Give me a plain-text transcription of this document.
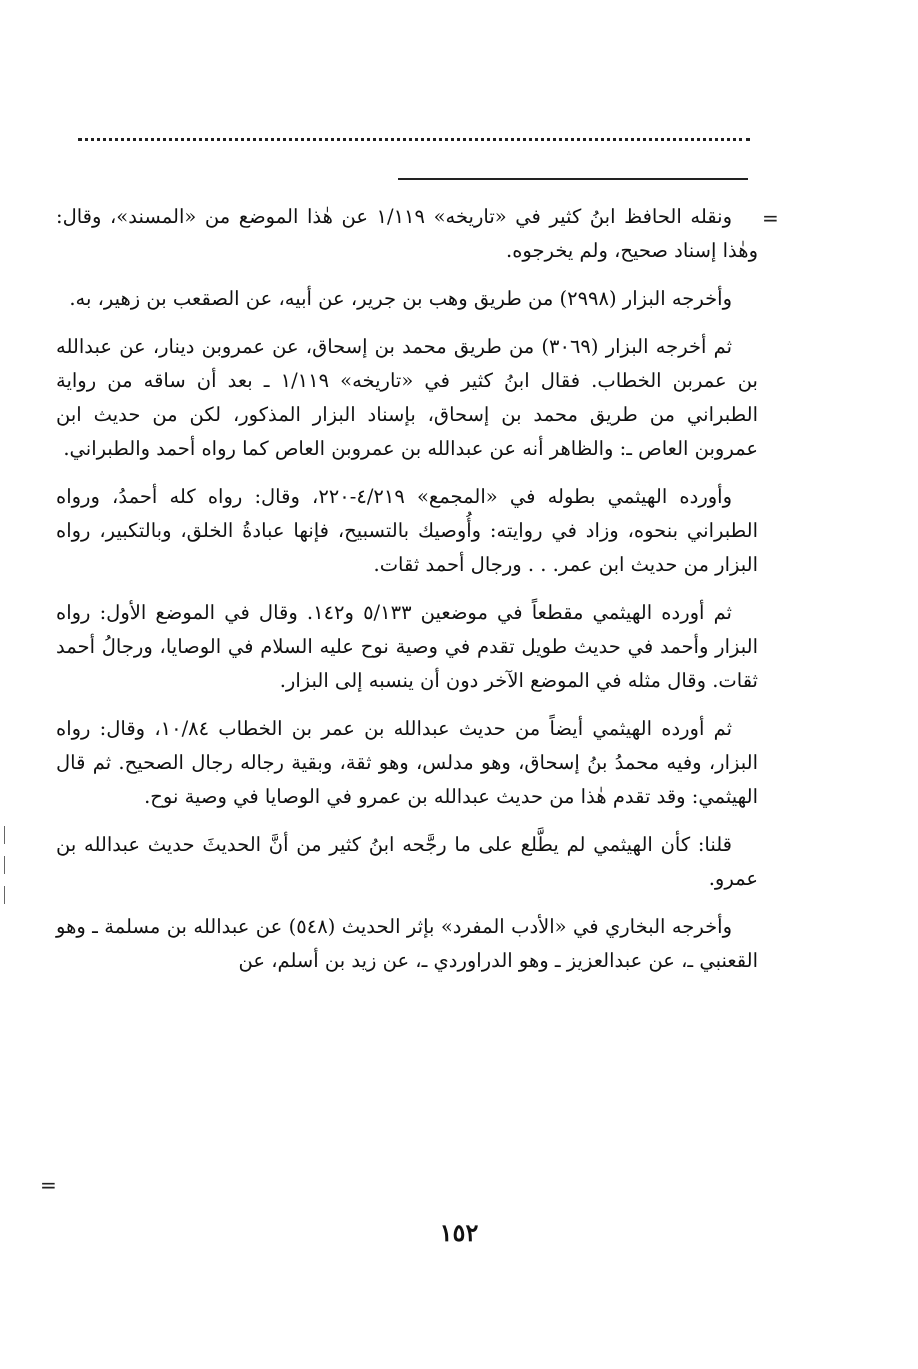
=
=

ونقله الحافظ ابنُ كثير في «تاريخه» ١/١١٩ عن هٰذا الموضع من «المسند»، وقال: وهٰذا إسناد صحيح، ولم يخرجوه.

وأخرجه البزار (٢٩٩٨) من طريق وهب بن جرير، عن أبيه، عن الصقعب بن زهير، به.

ثم أخرجه البزار (٣٠٦٩) من طريق محمد بن إسحاق، عن عمروبن دينار، عن عبدالله بن عمربن الخطاب. فقال ابنُ كثير في «تاريخه» ١/١١٩ ـ بعد أن ساقه من رواية الطبراني من طريق محمد بن إسحاق، بإسناد البزار المذكور، لكن من حديث ابن عمروبن العاص ـ: والظاهر أنه عن عبدالله بن عمروبن العاص كما رواه أحمد والطبراني.

وأورده الهيثمي بطوله في «المجمع» ٤/٢١٩-٢٢٠، وقال: رواه كله أحمدُ، ورواه الطبراني بنحوه، وزاد في روايته: وأُوصيك بالتسبيح، فإنها عبادةُ الخلق، وبالتكبير، رواه البزار من حديث ابن عمر. . . ورجال أحمد ثقات.

ثم أورده الهيثمي مقطعاً في موضعين ٥/١٣٣ و١٤٢. وقال في الموضع الأول: رواه البزار وأحمد في حديث طويل تقدم في وصية نوح عليه السلام في الوصايا، ورجالُ أحمد ثقات. وقال مثله في الموضع الآخر دون أن ينسبه إلى البزار.

ثم أورده الهيثمي أيضاً من حديث عبدالله بن عمر بن الخطاب ١٠/٨٤، وقال: رواه البزار، وفيه محمدُ بنُ إسحاق، وهو مدلس، وهو ثقة، وبقية رجاله رجال الصحيح. ثم قال الهيثمي: وقد تقدم هٰذا من حديث عبدالله بن عمرو في الوصايا في وصية نوح.

قلنا: كأن الهيثمي لم يطَّلع على ما رجَّحه ابنُ كثير من أنَّ الحديثَ حديث عبدالله بن عمرو.

وأخرجه البخاري في «الأدب المفرد» بإثر الحديث (٥٤٨) عن عبدالله بن مسلمة ـ وهو القعنبي ـ، عن عبدالعزيز ـ وهو الدراوردي ـ، عن زيد بن أسلم، عن

١٥٢
